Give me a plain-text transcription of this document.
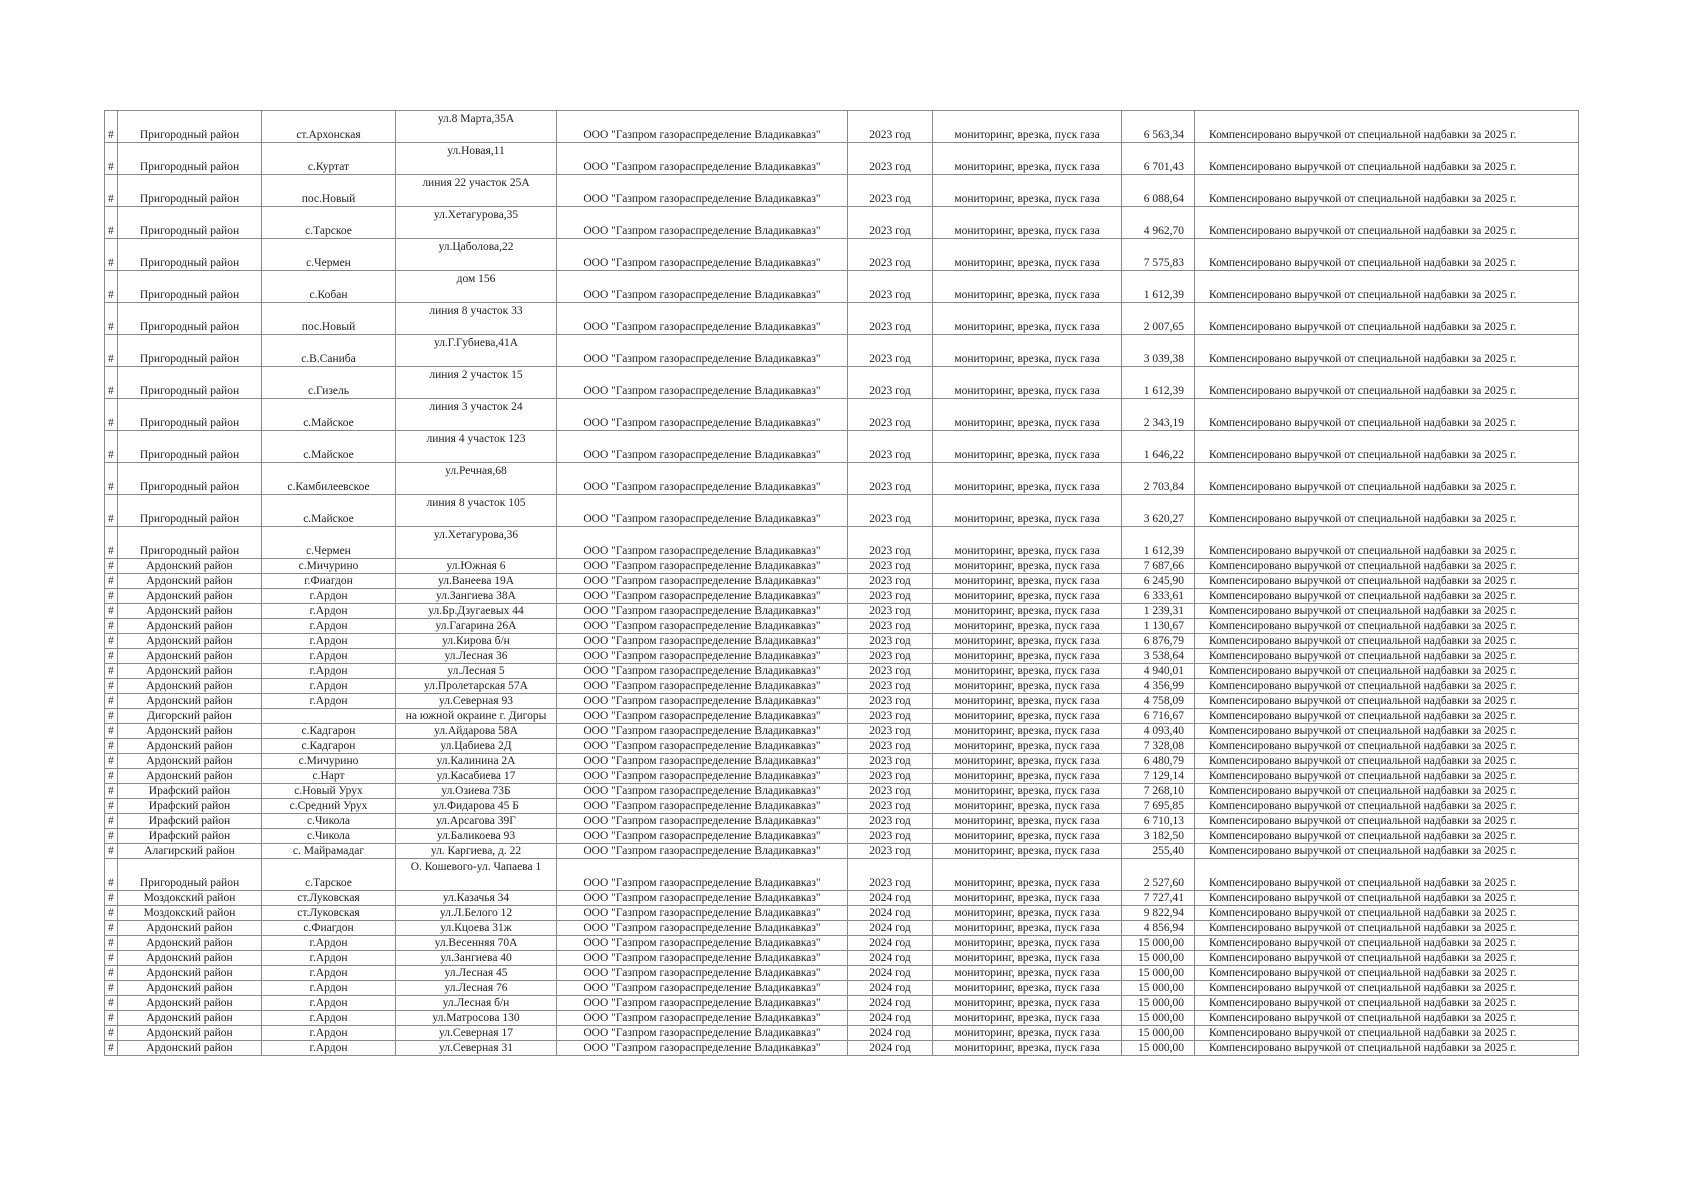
#	Пригородный район	ст.Архонская	ул.8 Марта,35А	ООО "Газпром газораспределение Владикавказ"	2023 год	мониторинг, врезка, пуск газа	6 563,34	Компенсировано выручкой от специальной надбавки за 2025 г.
#	Пригородный район	с.Куртат	ул.Новая,11	ООО "Газпром газораспределение Владикавказ"	2023 год	мониторинг, врезка, пуск газа	6 701,43	Компенсировано выручкой от специальной надбавки за 2025 г.
#	Пригородный район	пос.Новый	линия 22 участок 25А	ООО "Газпром газораспределение Владикавказ"	2023 год	мониторинг, врезка, пуск газа	6 088,64	Компенсировано выручкой от специальной надбавки за 2025 г.
#	Пригородный район	с.Тарское	ул.Хетагурова,35	ООО "Газпром газораспределение Владикавказ"	2023 год	мониторинг, врезка, пуск газа	4 962,70	Компенсировано выручкой от специальной надбавки за 2025 г.
#	Пригородный район	с.Чермен	ул.Цаболова,22	ООО "Газпром газораспределение Владикавказ"	2023 год	мониторинг, врезка, пуск газа	7 575,83	Компенсировано выручкой от специальной надбавки за 2025 г.
#	Пригородный район	с.Кобан	дом 156	ООО "Газпром газораспределение Владикавказ"	2023 год	мониторинг, врезка, пуск газа	1 612,39	Компенсировано выручкой от специальной надбавки за 2025 г.
#	Пригородный район	пос.Новый	линия 8 участок 33	ООО "Газпром газораспределение Владикавказ"	2023 год	мониторинг, врезка, пуск газа	2 007,65	Компенсировано выручкой от специальной надбавки за 2025 г.
#	Пригородный район	с.В.Саниба	ул.Г.Губиева,41А	ООО "Газпром газораспределение Владикавказ"	2023 год	мониторинг, врезка, пуск газа	3 039,38	Компенсировано выручкой от специальной надбавки за 2025 г.
#	Пригородный район	с.Гизель	линия 2 участок 15	ООО "Газпром газораспределение Владикавказ"	2023 год	мониторинг, врезка, пуск газа	1 612,39	Компенсировано выручкой от специальной надбавки за 2025 г.
#	Пригородный район	с.Майское	линия 3 участок 24	ООО "Газпром газораспределение Владикавказ"	2023 год	мониторинг, врезка, пуск газа	2 343,19	Компенсировано выручкой от специальной надбавки за 2025 г.
#	Пригородный район	с.Майское	линия 4 участок 123	ООО "Газпром газораспределение Владикавказ"	2023 год	мониторинг, врезка, пуск газа	1 646,22	Компенсировано выручкой от специальной надбавки за 2025 г.
#	Пригородный район	с.Камбилеевское	ул.Речная,68	ООО "Газпром газораспределение Владикавказ"	2023 год	мониторинг, врезка, пуск газа	2 703,84	Компенсировано выручкой от специальной надбавки за 2025 г.
#	Пригородный район	с.Майское	линия 8 участок 105	ООО "Газпром газораспределение Владикавказ"	2023 год	мониторинг, врезка, пуск газа	3 620,27	Компенсировано выручкой от специальной надбавки за 2025 г.
#	Пригородный район	с.Чермен	ул.Хетагурова,36	ООО "Газпром газораспределение Владикавказ"	2023 год	мониторинг, врезка, пуск газа	1 612,39	Компенсировано выручкой от специальной надбавки за 2025 г.
#	Ардонский район	с.Мичурино	ул.Южная 6	ООО "Газпром газораспределение Владикавказ"	2023 год	мониторинг, врезка, пуск газа	7 687,66	Компенсировано выручкой от специальной надбавки за 2025 г.
#	Ардонский район	г.Фиагдон	ул.Ванеева 19А	ООО "Газпром газораспределение Владикавказ"	2023 год	мониторинг, врезка, пуск газа	6 245,90	Компенсировано выручкой от специальной надбавки за 2025 г.
#	Ардонский район	г.Ардон	ул.Зангиева 38А	ООО "Газпром газораспределение Владикавказ"	2023 год	мониторинг, врезка, пуск газа	6 333,61	Компенсировано выручкой от специальной надбавки за 2025 г.
#	Ардонский район	г.Ардон	ул.Бр.Дзугаевых 44	ООО "Газпром газораспределение Владикавказ"	2023 год	мониторинг, врезка, пуск газа	1 239,31	Компенсировано выручкой от специальной надбавки за 2025 г.
#	Ардонский район	г.Ардон	ул.Гагарина 26А	ООО "Газпром газораспределение Владикавказ"	2023 год	мониторинг, врезка, пуск газа	1 130,67	Компенсировано выручкой от специальной надбавки за 2025 г.
#	Ардонский район	г.Ардон	ул.Кирова б/н	ООО "Газпром газораспределение Владикавказ"	2023 год	мониторинг, врезка, пуск газа	6 876,79	Компенсировано выручкой от специальной надбавки за 2025 г.
#	Ардонский район	г.Ардон	ул.Лесная 36	ООО "Газпром газораспределение Владикавказ"	2023 год	мониторинг, врезка, пуск газа	3 538,64	Компенсировано выручкой от специальной надбавки за 2025 г.
#	Ардонский район	г.Ардон	ул.Лесная 5	ООО "Газпром газораспределение Владикавказ"	2023 год	мониторинг, врезка, пуск газа	4 940,01	Компенсировано выручкой от специальной надбавки за 2025 г.
#	Ардонский район	г.Ардон	ул.Пролетарская 57А	ООО "Газпром газораспределение Владикавказ"	2023 год	мониторинг, врезка, пуск газа	4 356,99	Компенсировано выручкой от специальной надбавки за 2025 г.
#	Ардонский район	г.Ардон	ул.Северная 93	ООО "Газпром газораспределение Владикавказ"	2023 год	мониторинг, врезка, пуск газа	4 758,09	Компенсировано выручкой от специальной надбавки за 2025 г.
#	Дигорский район		на южной окраине г. Дигоры	ООО "Газпром газораспределение Владикавказ"	2023 год	мониторинг, врезка, пуск газа	6 716,67	Компенсировано выручкой от специальной надбавки за 2025 г.
#	Ардонский район	с.Кадгарон	ул.Айдарова 58А	ООО "Газпром газораспределение Владикавказ"	2023 год	мониторинг, врезка, пуск газа	4 093,40	Компенсировано выручкой от специальной надбавки за 2025 г.
#	Ардонский район	с.Кадгарон	ул.Цабиева 2Д	ООО "Газпром газораспределение Владикавказ"	2023 год	мониторинг, врезка, пуск газа	7 328,08	Компенсировано выручкой от специальной надбавки за 2025 г.
#	Ардонский район	с.Мичурино	ул.Калинина 2А	ООО "Газпром газораспределение Владикавказ"	2023 год	мониторинг, врезка, пуск газа	6 480,79	Компенсировано выручкой от специальной надбавки за 2025 г.
#	Ардонский район	с.Нарт	ул.Касабиева 17	ООО "Газпром газораспределение Владикавказ"	2023 год	мониторинг, врезка, пуск газа	7 129,14	Компенсировано выручкой от специальной надбавки за 2025 г.
#	Ирафский район	с.Новый Урух	ул.Озиева 73Б	ООО "Газпром газораспределение Владикавказ"	2023 год	мониторинг, врезка, пуск газа	7 268,10	Компенсировано выручкой от специальной надбавки за 2025 г.
#	Ирафский район	с.Средний Урух	ул.Фидарова 45 Б	ООО "Газпром газораспределение Владикавказ"	2023 год	мониторинг, врезка, пуск газа	7 695,85	Компенсировано выручкой от специальной надбавки за 2025 г.
#	Ирафский район	с.Чикола	ул.Арсагова 39Г	ООО "Газпром газораспределение Владикавказ"	2023 год	мониторинг, врезка, пуск газа	6 710,13	Компенсировано выручкой от специальной надбавки за 2025 г.
#	Ирафский район	с.Чикола	ул.Баликоева 93	ООО "Газпром газораспределение Владикавказ"	2023 год	мониторинг, врезка, пуск газа	3 182,50	Компенсировано выручкой от специальной надбавки за 2025 г.
#	Алагирский район	с. Майрамадаг	ул. Каргиева, д. 22	ООО "Газпром газораспределение Владикавказ"	2023 год	мониторинг, врезка, пуск газа	255,40	Компенсировано выручкой от специальной надбавки за 2025 г.
#	Пригородный район	с.Тарское	О. Кошевого-ул. Чапаева 1	ООО "Газпром газораспределение Владикавказ"	2023 год	мониторинг, врезка, пуск газа	2 527,60	Компенсировано выручкой от специальной надбавки за 2025 г.
#	Моздокский район	ст.Луковская	ул.Казачья 34	ООО "Газпром газораспределение Владикавказ"	2024 год	мониторинг, врезка, пуск газа	7 727,41	Компенсировано выручкой от специальной надбавки за 2025 г.
#	Моздокский район	ст.Луковская	ул.Л.Белого 12	ООО "Газпром газораспределение Владикавказ"	2024 год	мониторинг, врезка, пуск газа	9 822,94	Компенсировано выручкой от специальной надбавки за 2025 г.
#	Ардонский район	с.Фиагдон	ул.Кцоева 31ж	ООО "Газпром газораспределение Владикавказ"	2024 год	мониторинг, врезка, пуск газа	4 856,94	Компенсировано выручкой от специальной надбавки за 2025 г.
#	Ардонский район	г.Ардон	ул.Весенняя 70А	ООО "Газпром газораспределение Владикавказ"	2024 год	мониторинг, врезка, пуск газа	15 000,00	Компенсировано выручкой от специальной надбавки за 2025 г.
#	Ардонский район	г.Ардон	ул.Зангиева 40	ООО "Газпром газораспределение Владикавказ"	2024 год	мониторинг, врезка, пуск газа	15 000,00	Компенсировано выручкой от специальной надбавки за 2025 г.
#	Ардонский район	г.Ардон	ул.Лесная 45	ООО "Газпром газораспределение Владикавказ"	2024 год	мониторинг, врезка, пуск газа	15 000,00	Компенсировано выручкой от специальной надбавки за 2025 г.
#	Ардонский район	г.Ардон	ул.Лесная 76	ООО "Газпром газораспределение Владикавказ"	2024 год	мониторинг, врезка, пуск газа	15 000,00	Компенсировано выручкой от специальной надбавки за 2025 г.
#	Ардонский район	г.Ардон	ул.Лесная б/н	ООО "Газпром газораспределение Владикавказ"	2024 год	мониторинг, врезка, пуск газа	15 000,00	Компенсировано выручкой от специальной надбавки за 2025 г.
#	Ардонский район	г.Ардон	ул.Матросова 130	ООО "Газпром газораспределение Владикавказ"	2024 год	мониторинг, врезка, пуск газа	15 000,00	Компенсировано выручкой от специальной надбавки за 2025 г.
#	Ардонский район	г.Ардон	ул.Северная 17	ООО "Газпром газораспределение Владикавказ"	2024 год	мониторинг, врезка, пуск газа	15 000,00	Компенсировано выручкой от специальной надбавки за 2025 г.
#	Ардонский район	г.Ардон	ул.Северная 31	ООО "Газпром газораспределение Владикавказ"	2024 год	мониторинг, врезка, пуск газа	15 000,00	Компенсировано выручкой от специальной надбавки за 2025 г.
